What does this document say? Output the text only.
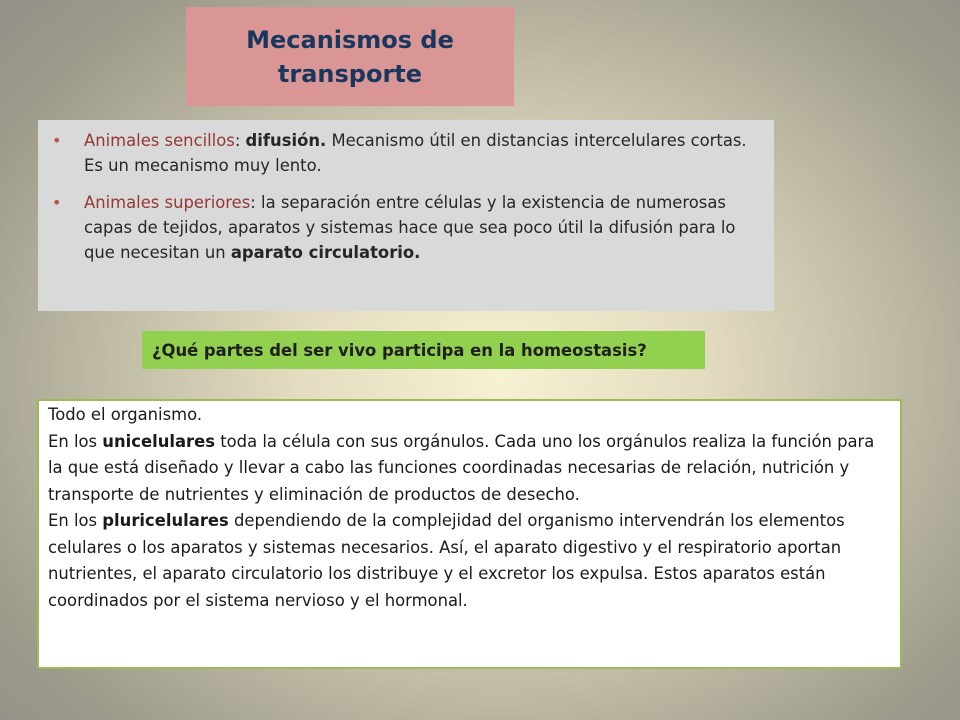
Mecanismos de
transporte
• Animales sencillos: difusión. Mecanismo útil en distancias intercelulares cortas. Es un mecanismo muy lento.
• Animales superiores: la separación entre células y la existencia de numerosas capas de tejidos, aparatos y sistemas hace que sea poco útil la difusión para lo que necesitan un aparato circulatorio.
¿Qué partes del ser vivo participa en la homeostasis?
Todo el organismo.
En los unicelulares toda la célula con sus orgánulos. Cada uno los orgánulos realiza la función para la que está diseñado y llevar a cabo las funciones coordinadas necesarias de relación, nutrición y transporte de nutrientes y eliminación de productos de desecho.
En los pluricelulares dependiendo de la complejidad del organismo intervendrán los elementos celulares o los aparatos y sistemas necesarios. Así, el aparato digestivo y el respiratorio aportan nutrientes, el aparato circulatorio los distribuye y el excretor los expulsa. Estos aparatos están coordinados por el sistema nervioso y el hormonal.
